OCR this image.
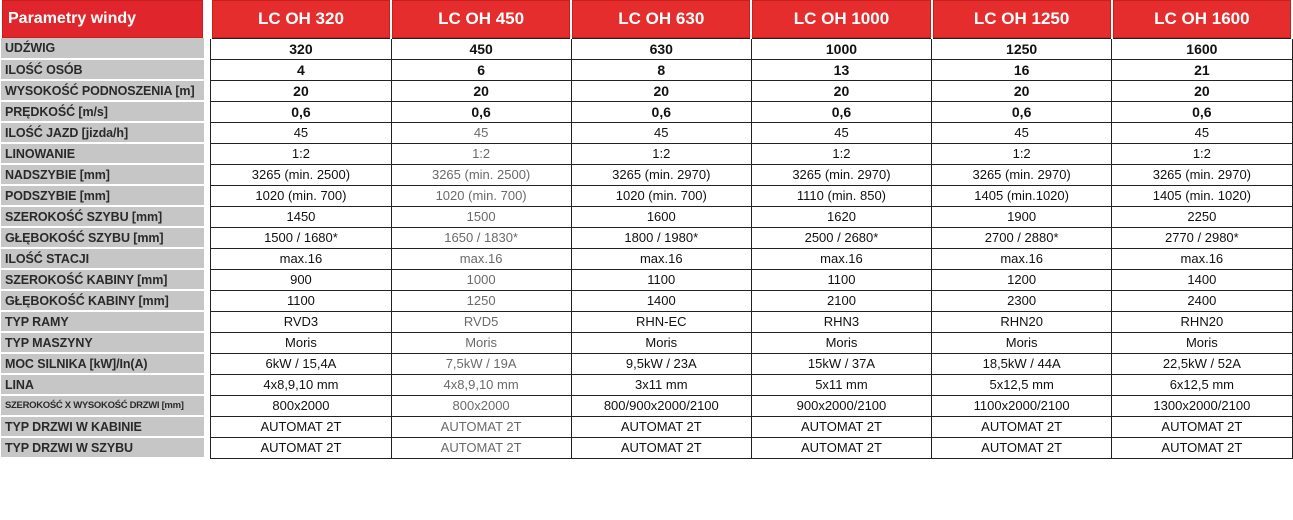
Parametry windy		LC OH 320	LC OH 450	LC OH 630	LC OH 1000	LC OH 1250	LC OH 1600
UDŹWIG		320	450	630	1000	1250	1600
ILOŚĆ OSÓB		4	6	8	13	16	21
WYSOKOŚĆ PODNOSZENIA [m]		20	20	20	20	20	20
PRĘDKOŚĆ [m/s]		0,6	0,6	0,6	0,6	0,6	0,6
ILOŚĆ JAZD [jizda/h]		45	45	45	45	45	45
LINOWANIE		1:2	1:2	1:2	1:2	1:2	1:2
NADSZYBIE [mm]		3265 (min. 2500)	3265 (min. 2500)	3265 (min. 2970)	3265 (min. 2970)	3265 (min. 2970)	3265 (min. 2970)
PODSZYBIE [mm]		1020 (min. 700)	1020 (min. 700)	1020 (min. 700)	1110 (min. 850)	1405 (min.1020)	1405 (min. 1020)
SZEROKOŚĆ SZYBU [mm]		1450	1500	1600	1620	1900	2250
GŁĘBOKOŚĆ SZYBU [mm]		1500 / 1680*	1650 / 1830*	1800 / 1980*	2500 / 2680*	2700 / 2880*	2770 / 2980*
ILOŚĆ STACJI		max.16	max.16	max.16	max.16	max.16	max.16
SZEROKOŚĆ KABINY [mm]		900	1000	1100	1100	1200	1400
GŁĘBOKOŚĆ KABINY [mm]		1100	1250	1400	2100	2300	2400
TYP RAMY		RVD3	RVD5	RHN-EC	RHN3	RHN20	RHN20
TYP MASZYNY		Moris	Moris	Moris	Moris	Moris	Moris
MOC SILNIKA [kW]/In(A)		6kW / 15,4A	7,5kW / 19A	9,5kW / 23A	15kW / 37A	18,5kW / 44A	22,5kW / 52A
LINA		4x8,9,10 mm	4x8,9,10 mm	3x11 mm	5x11 mm	5x12,5 mm	6x12,5 mm
SZEROKOŚĆ X WYSOKOŚĆ DRZWI [mm]		800x2000	800x2000	800/900x2000/2100	900x2000/2100	1100x2000/2100	1300x2000/2100
TYP DRZWI W KABINIE		AUTOMAT 2T	AUTOMAT 2T	AUTOMAT 2T	AUTOMAT 2T	AUTOMAT 2T	AUTOMAT 2T
TYP DRZWI W SZYBU		AUTOMAT 2T	AUTOMAT 2T	AUTOMAT 2T	AUTOMAT 2T	AUTOMAT 2T	AUTOMAT 2T
